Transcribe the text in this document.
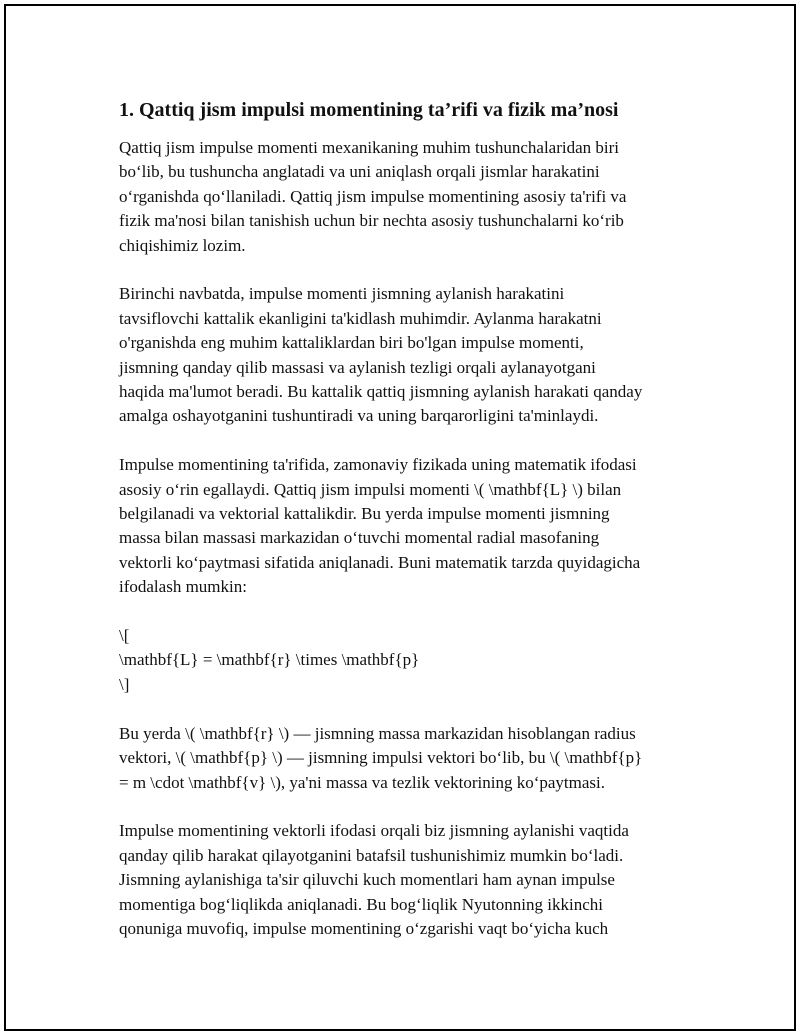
1. Qattiq jism impulsi momentining ta’rifi va fizik ma’nosi
Qattiq jism impulse momenti mexanikaning muhim tushunchalaridan biri
bo‘lib, bu tushuncha anglatadi va uni aniqlash orqali jismlar harakatini
o‘rganishda qo‘llaniladi. Qattiq jism impulse momentining asosiy ta'rifi va
fizik ma'nosi bilan tanishish uchun bir nechta asosiy tushunchalarni ko‘rib
chiqishimiz lozim.
Birinchi navbatda, impulse momenti jismning aylanish harakatini
tavsiflovchi kattalik ekanligini ta'kidlash muhimdir. Aylanma harakatni
o'rganishda eng muhim kattaliklardan biri bo'lgan impulse momenti,
jismning qanday qilib massasi va aylanish tezligi orqali aylanayotgani
haqida ma'lumot beradi. Bu kattalik qattiq jismning aylanish harakati qanday
amalga oshayotganini tushuntiradi va uning barqarorligini ta'minlaydi.
Impulse momentining ta'rifida, zamonaviy fizikada uning matematik ifodasi
asosiy o‘rin egallaydi. Qattiq jism impulsi momenti \( \mathbf{L} \) bilan
belgilanadi va vektorial kattalikdir. Bu yerda impulse momenti jismning
massa bilan massasi markazidan o‘tuvchi momental radial masofaning
vektorli ko‘paytmasi sifatida aniqlanadi. Buni matematik tarzda quyidagicha
ifodalash mumkin:
\[
\mathbf{L} = \mathbf{r} \times \mathbf{p}
\]
Bu yerda \( \mathbf{r} \) — jismning massa markazidan hisoblangan radius
vektori, \( \mathbf{p} \) — jismning impulsi vektori bo‘lib, bu \( \mathbf{p}
= m \cdot \mathbf{v} \), ya'ni massa va tezlik vektorining ko‘paytmasi.
Impulse momentining vektorli ifodasi orqali biz jismning aylanishi vaqtida
qanday qilib harakat qilayotganini batafsil tushunishimiz mumkin bo‘ladi.
Jismning aylanishiga ta'sir qiluvchi kuch momentlari ham aynan impulse
momentiga bog‘liqlikda aniqlanadi. Bu bog‘liqlik Nyutonning ikkinchi
qonuniga muvofiq, impulse momentining o‘zgarishi vaqt bo‘yicha kuch
